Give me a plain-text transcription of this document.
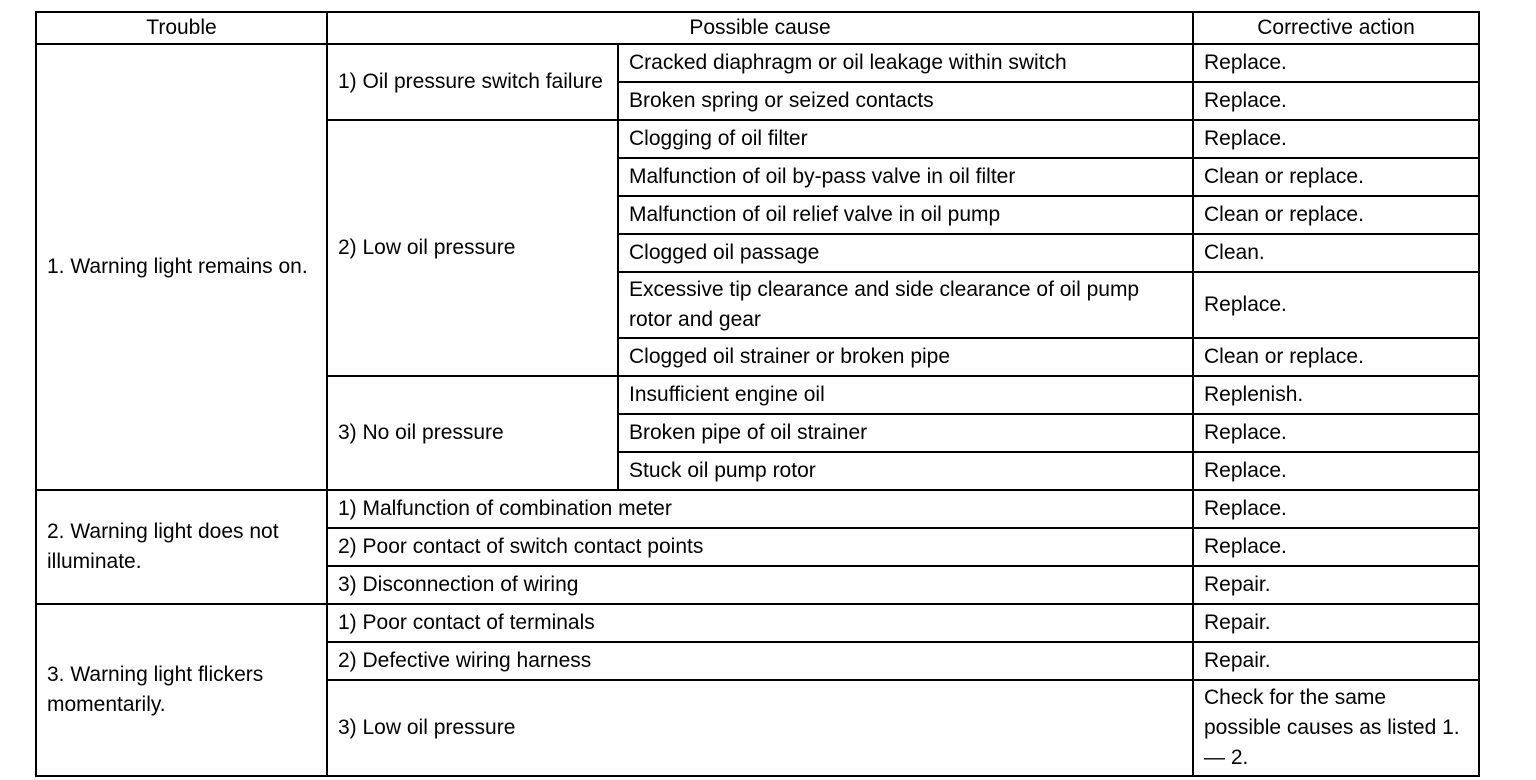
Trouble	Possible cause		Corrective action
1. Warning light remains on.	1) Oil pressure switch failure	Cracked diaphragm or oil leakage within switch	Replace.
		Broken spring or seized contacts	Replace.
	2) Low oil pressure	Clogging of oil filter	Replace.
		Malfunction of oil by-pass valve in oil filter	Clean or replace.
		Malfunction of oil relief valve in oil pump	Clean or replace.
		Clogged oil passage	Clean.
		Excessive tip clearance and side clearance of oil pump rotor and gear	Replace.
		Clogged oil strainer or broken pipe	Clean or replace.
	3) No oil pressure	Insufficient engine oil	Replenish.
		Broken pipe of oil strainer	Replace.
		Stuck oil pump rotor	Replace.
2. Warning light does not illuminate.	1) Malfunction of combination meter		Replace.
	2) Poor contact of switch contact points		Replace.
	3) Disconnection of wiring		Repair.
3. Warning light flickers momentarily.	1) Poor contact of terminals		Repair.
	2) Defective wiring harness		Repair.
	3) Low oil pressure		Check for the same possible causes as listed 1. — 2.
